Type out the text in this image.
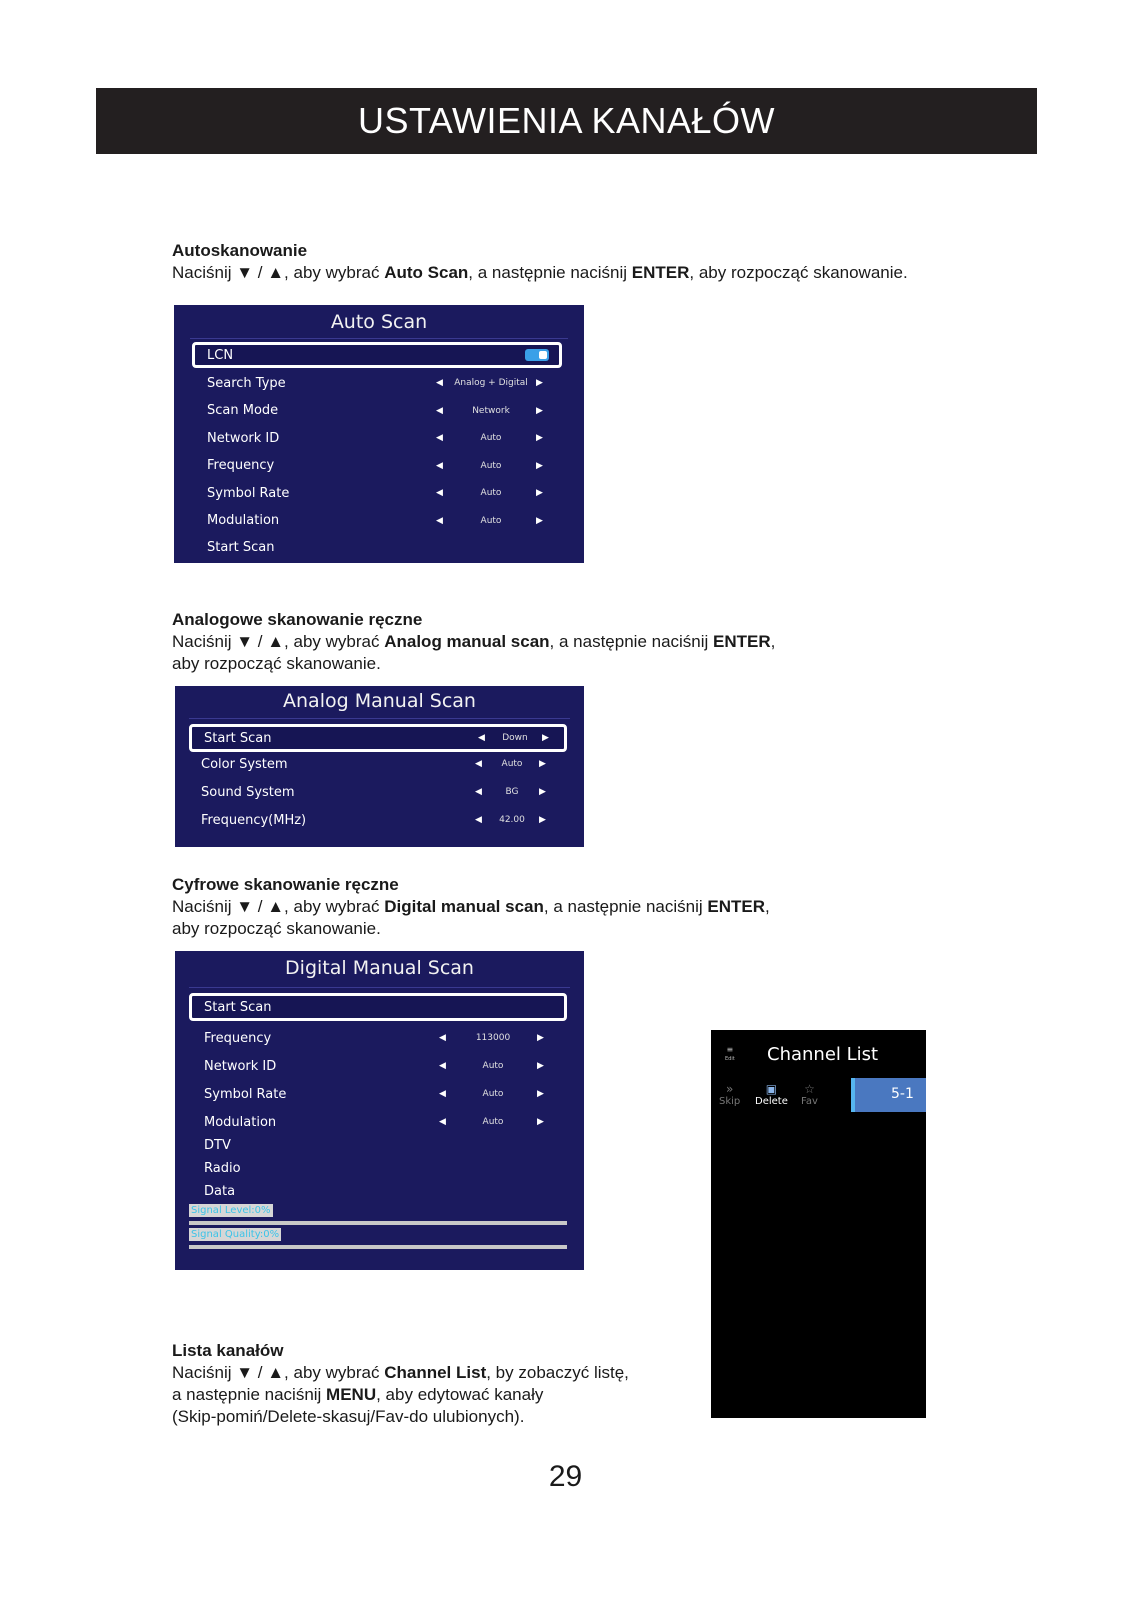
USTAWIENIA KANAŁÓW
Autoskanowanie
Naciśnij ▼ / ▲, aby wybrać Auto Scan, a następnie naciśnij ENTER, aby rozpocząć skanowanie.
Auto Scan
LCN
Search Type	◀	Analog + Digital ▶
Scan Mode	◀	Network	▶
Network ID	◀	Auto	▶
Frequency	◀	Auto	▶
Symbol Rate	◀	Auto	▶
Modulation	◀	Auto	▶
Start Scan
Analogowe skanowanie ręczne
Naciśnij ▼ / ▲, aby wybrać Analog manual scan, a następnie naciśnij ENTER,
aby rozpocząć skanowanie.
Analog Manual Scan
Start Scan	◀	Down	▶
Color System	◀	Auto	▶
Sound System	◀	BG	▶
Frequency(MHz)	◀	42.00	▶
Cyfrowe skanowanie ręczne
Naciśnij ▼ / ▲, aby wybrać Digital manual scan, a następnie naciśnij ENTER,
aby rozpocząć skanowanie.
Digital Manual Scan
Start Scan
Frequency	◀	113000	▶
Network ID	◀	Auto	▶
Symbol Rate	◀	Auto	▶
Modulation	◀	Auto	▶
DTV
Radio
Data
Signal Level:0%
Signal Quality:0%
Lista kanałów
Naciśnij ▼ / ▲, aby wybrać Channel List, by zobaczyć listę,
a następnie naciśnij MENU, aby edytować kanały
(Skip-pomiń/Delete-skasuj/Fav-do ulubionych).
≡
Edit Channel List
»
Skip
▣
Delete
☆
Fav	5-1
29
